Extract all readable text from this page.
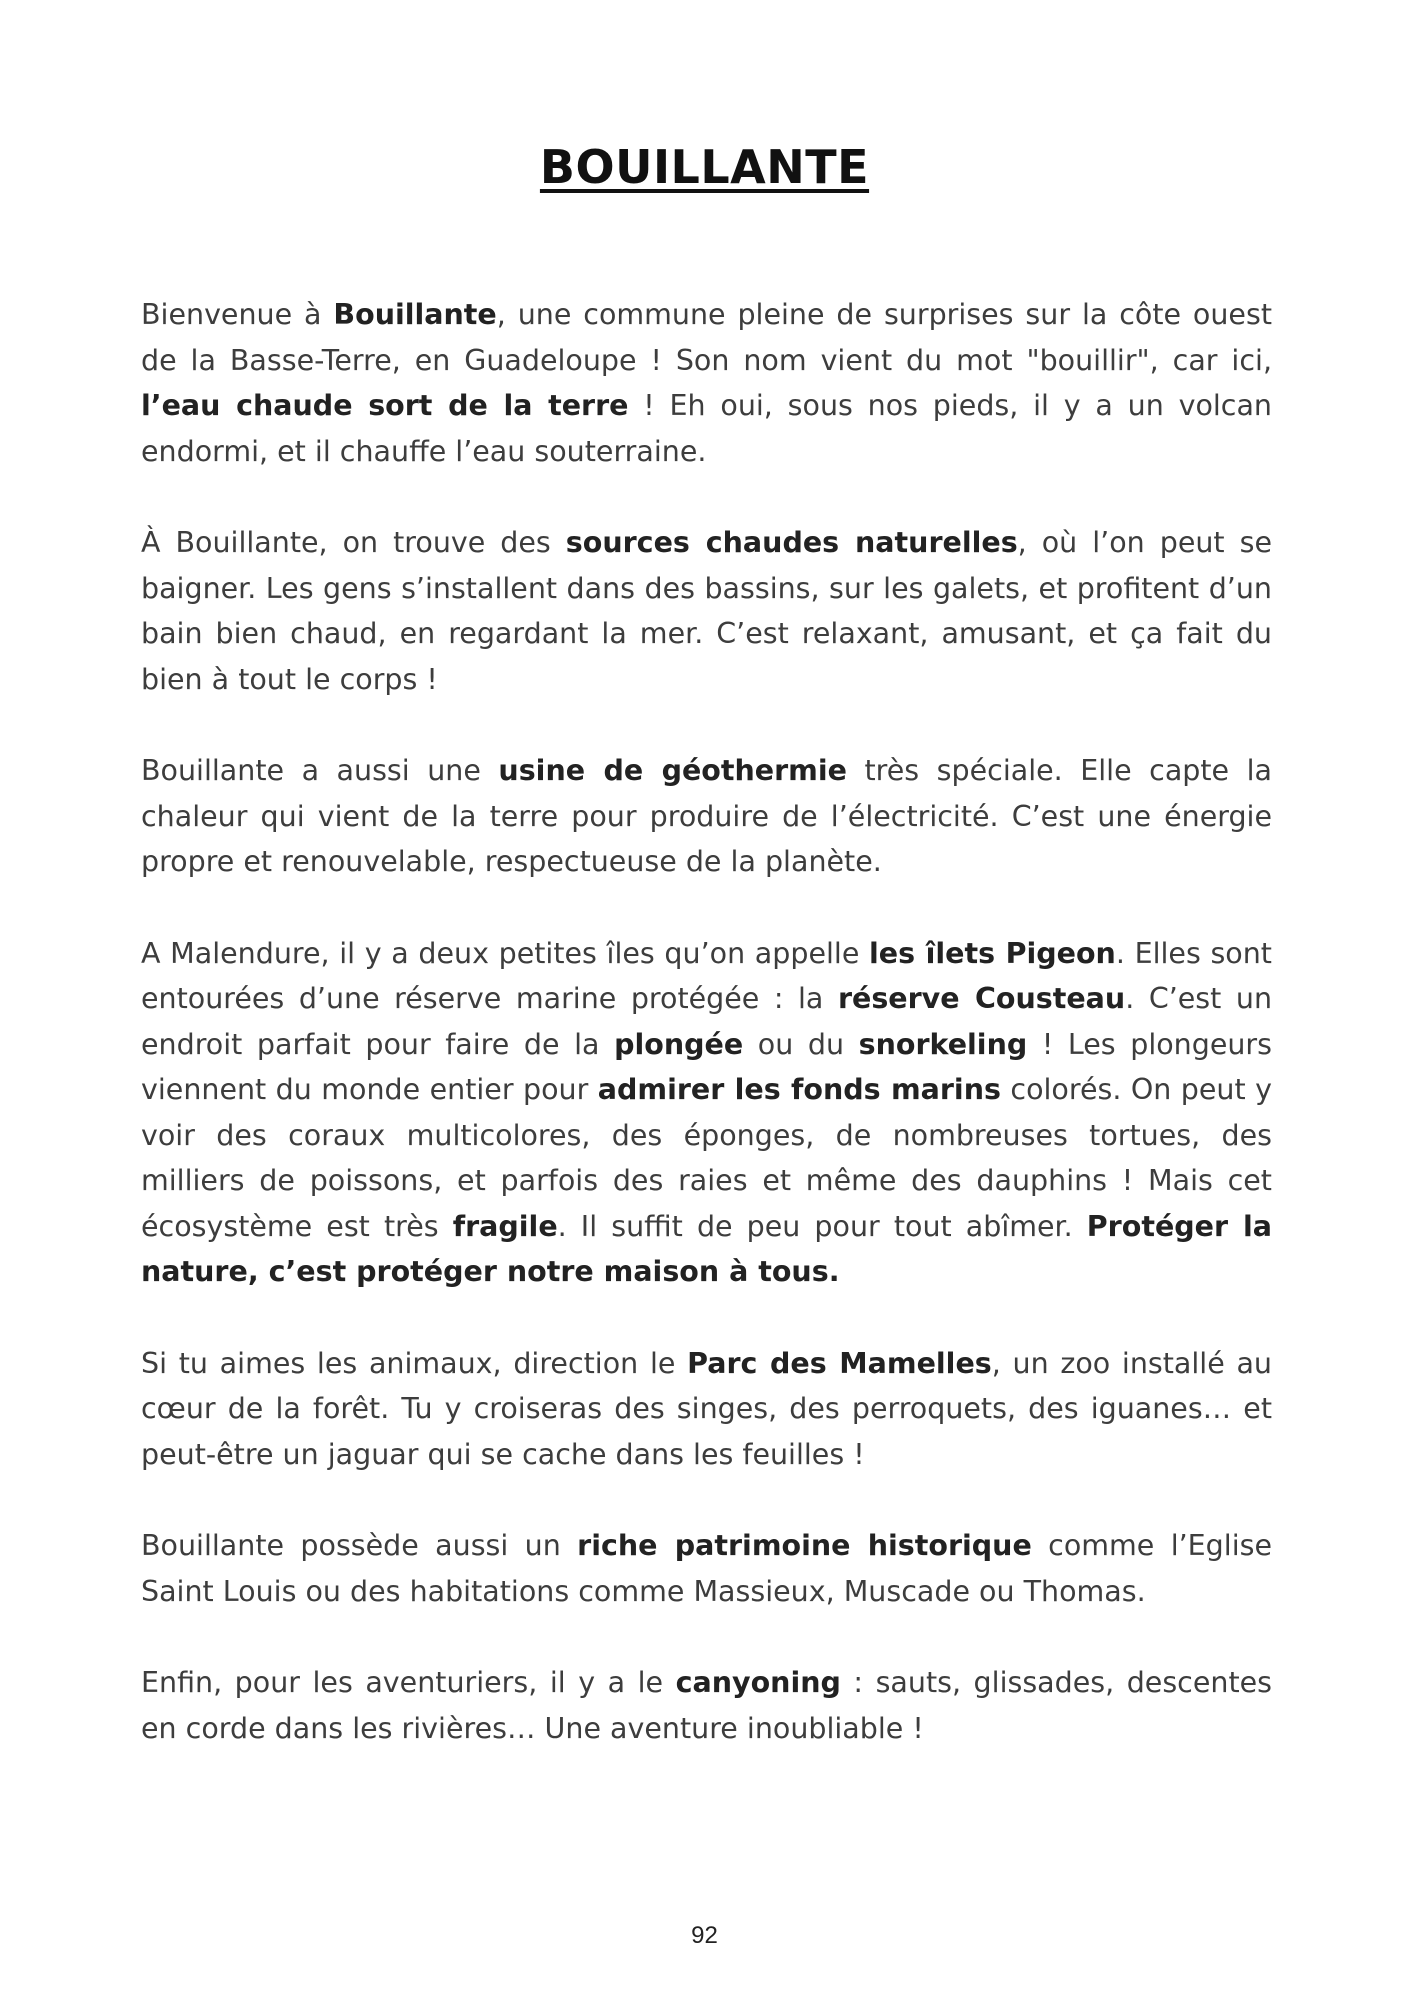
BOUILLANTE

Bienvenue à Bouillante, une commune pleine de surprises sur la côte ouest de la Basse-Terre, en Guadeloupe ! Son nom vient du mot "bouillir", car ici, l’eau chaude sort de la terre ! Eh oui, sous nos pieds, il y a un volcan endormi, et il chauffe l’eau souterraine.

À Bouillante, on trouve des sources chaudes naturelles, où l’on peut se baigner. Les gens s’installent dans des bassins, sur les galets, et profitent d’un bain bien chaud, en regardant la mer. C’est relaxant, amusant, et ça fait du bien à tout le corps !

Bouillante a aussi une usine de géothermie très spéciale. Elle capte la chaleur qui vient de la terre pour produire de l’électricité. C’est une énergie propre et renouvelable, respectueuse de la planète.

A Malendure, il y a deux petites îles qu’on appelle les îlets Pigeon. Elles sont entourées d’une réserve marine protégée : la réserve Cousteau. C’est un endroit parfait pour faire de la plongée ou du snorkeling ! Les plongeurs viennent du monde entier pour admirer les fonds marins colorés. On peut y voir des coraux multicolores, des éponges, de nombreuses tortues, des milliers de poissons, et parfois des raies et même des dauphins ! Mais cet écosystème est très fragile. Il suffit de peu pour tout abîmer. Protéger la nature, c’est protéger notre maison à tous.

Si tu aimes les animaux, direction le Parc des Mamelles, un zoo installé au cœur de la forêt. Tu y croiseras des singes, des perroquets, des iguanes… et peut-être un jaguar qui se cache dans les feuilles !

Bouillante possède aussi un riche patrimoine historique comme l’Eglise Saint Louis ou des habitations comme Massieux, Muscade ou Thomas.

Enfin, pour les aventuriers, il y a le canyoning : sauts, glissades, descentes en corde dans les rivières… Une aventure inoubliable !

92
